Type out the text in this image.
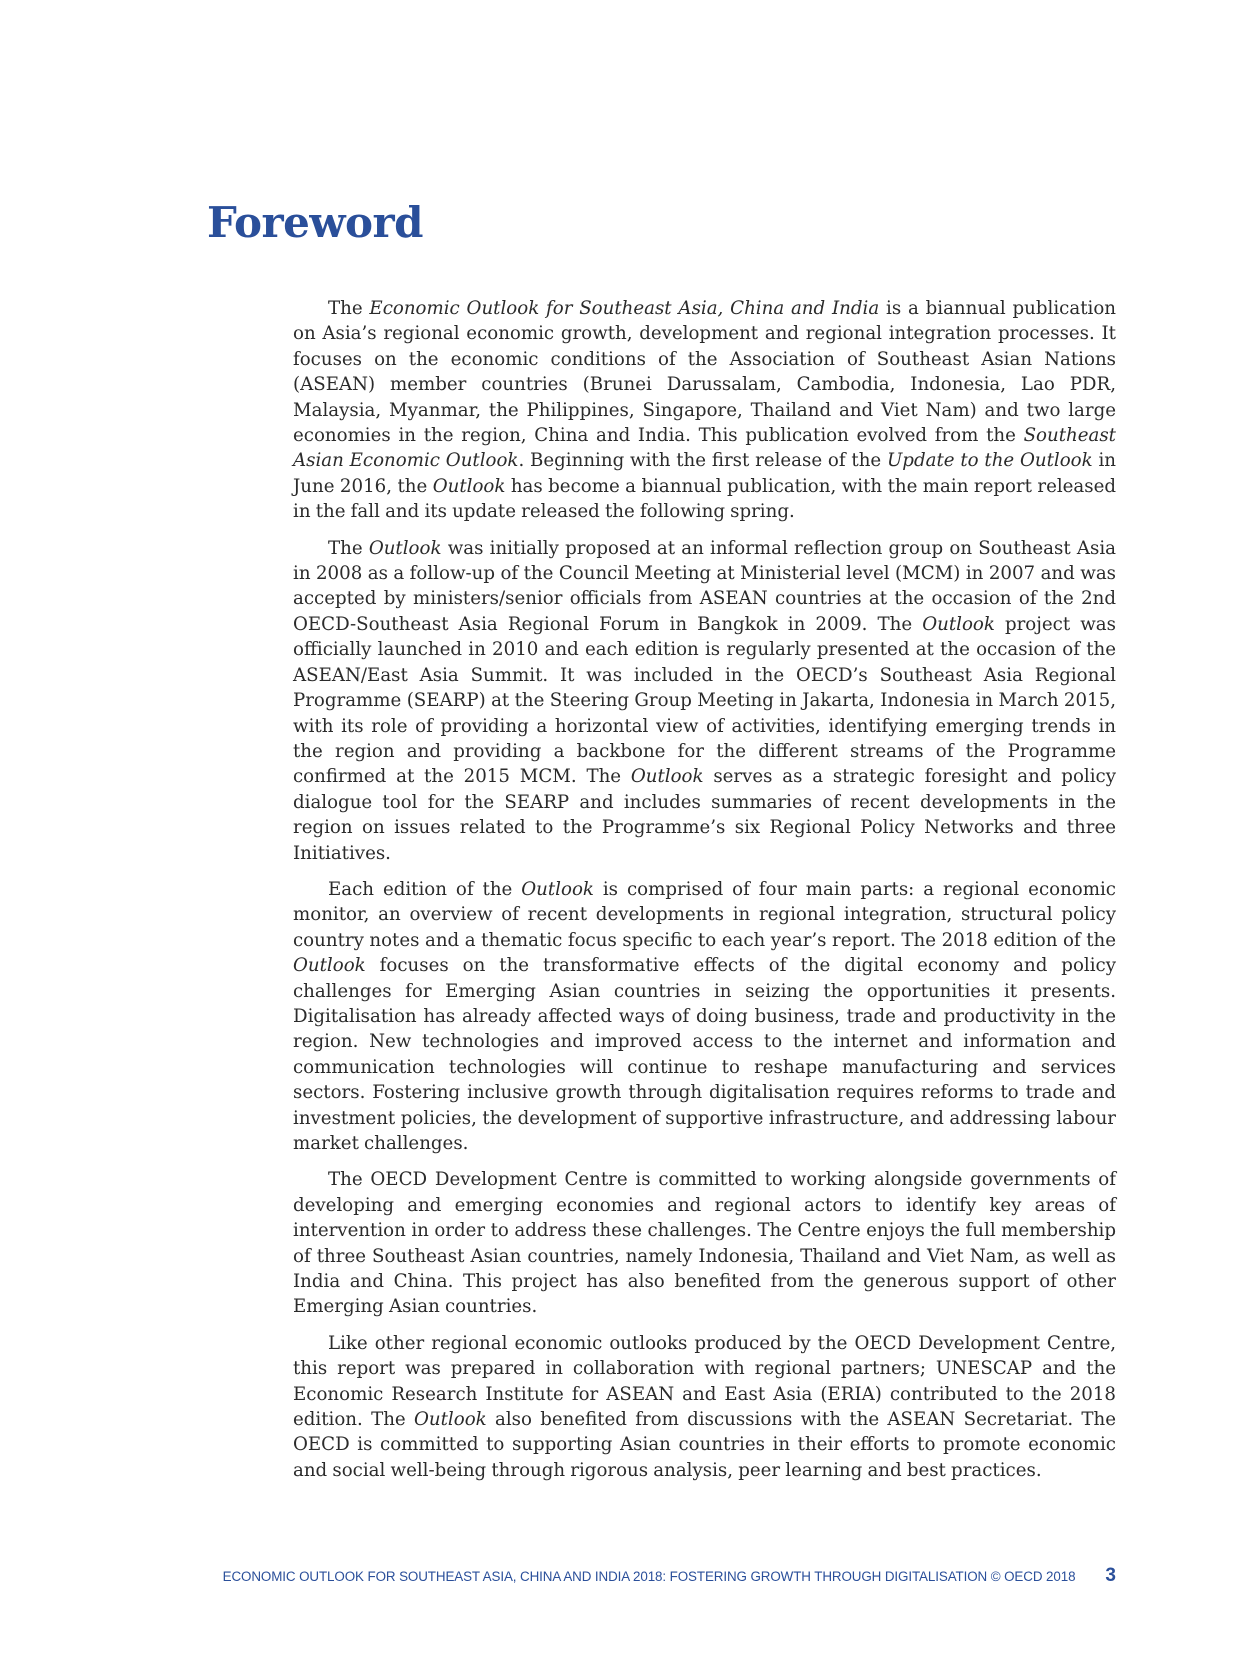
Foreword

The Economic Outlook for Southeast Asia, China and India is a biannual publication on Asia’s regional economic growth, development and regional integration processes. It focuses on the economic conditions of the Association of Southeast Asian Nations (ASEAN) member countries (Brunei Darussalam, Cambodia, Indonesia, Lao PDR, Malaysia, Myanmar, the Philippines, Singapore, Thailand and Viet Nam) and two large economies in the region, China and India. This publication evolved from the Southeast Asian Economic Outlook. Beginning with the first release of the Update to the Outlook in June 2016, the Outlook has become a biannual publication, with the main report released in the fall and its update released the following spring.

The Outlook was initially proposed at an informal reflection group on Southeast Asia in 2008 as a follow-up of the Council Meeting at Ministerial level (MCM) in 2007 and was accepted by ministers/senior officials from ASEAN countries at the occasion of the 2nd OECD-Southeast Asia Regional Forum in Bangkok in 2009. The Outlook project was officially launched in 2010 and each edition is regularly presented at the occasion of the ASEAN/East Asia Summit. It was included in the OECD’s Southeast Asia Regional Programme (SEARP) at the Steering Group Meeting in Jakarta, Indonesia in March 2015, with its role of providing a horizontal view of activities, identifying emerging trends in the region and providing a backbone for the different streams of the Programme confirmed at the 2015 MCM. The Outlook serves as a strategic foresight and policy dialogue tool for the SEARP and includes summaries of recent developments in the region on issues related to the Programme’s six Regional Policy Networks and three Initiatives.

Each edition of the Outlook is comprised of four main parts: a regional economic monitor, an overview of recent developments in regional integration, structural policy country notes and a thematic focus specific to each year’s report. The 2018 edition of the Outlook focuses on the transformative effects of the digital economy and policy challenges for Emerging Asian countries in seizing the opportunities it presents. Digitalisation has already affected ways of doing business, trade and productivity in the region. New technologies and improved access to the internet and information and communication technologies will continue to reshape manufacturing and services sectors. Fostering inclusive growth through digitalisation requires reforms to trade and investment policies, the development of supportive infrastructure, and addressing labour market challenges.

The OECD Development Centre is committed to working alongside governments of developing and emerging economies and regional actors to identify key areas of intervention in order to address these challenges. The Centre enjoys the full membership of three Southeast Asian countries, namely Indonesia, Thailand and Viet Nam, as well as India and China. This project has also benefited from the generous support of other Emerging Asian countries.

Like other regional economic outlooks produced by the OECD Development Centre, this report was prepared in collaboration with regional partners; UNESCAP and the Economic Research Institute for ASEAN and East Asia (ERIA) contributed to the 2018 edition. The Outlook also benefited from discussions with the ASEAN Secretariat. The OECD is committed to supporting Asian countries in their efforts to promote economic and social well-being through rigorous analysis, peer learning and best practices.

ECONOMIC OUTLOOK FOR SOUTHEAST ASIA, CHINA AND INDIA 2018: FOSTERING GROWTH THROUGH DIGITALISATION © OECD 2018 3
